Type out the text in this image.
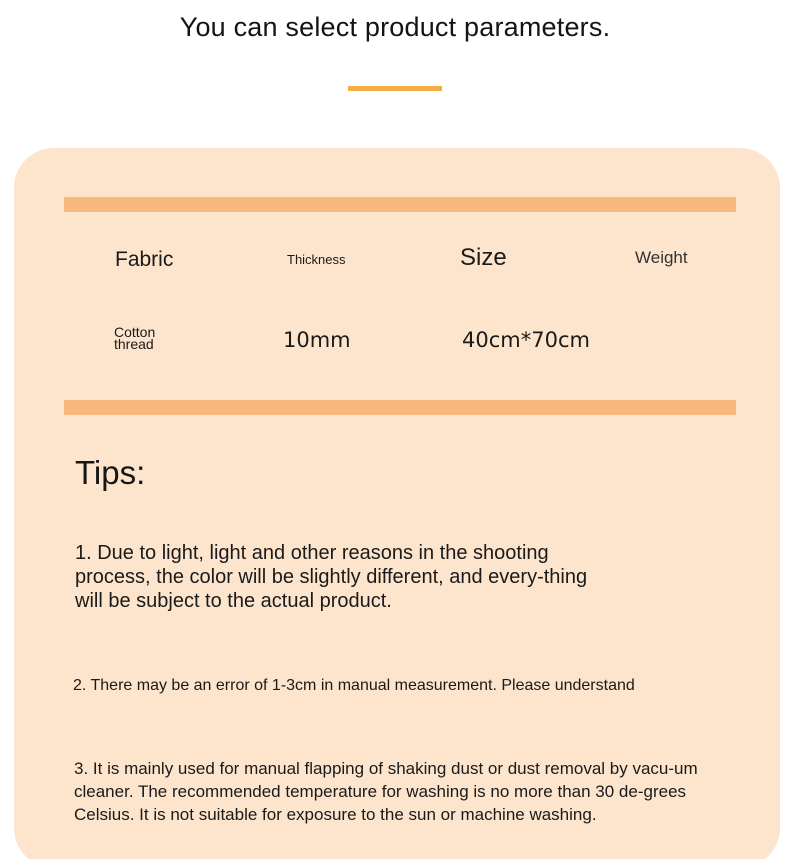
You can select product parameters.
Fabric	Thickness	Size	Weight
Cotton thread	10mm	40cm*70cm
Tips:
1. Due to light, light and other reasons in the shooting process, the color will be slightly different, and every-thing will be subject to the actual product.
2. There may be an error of 1-3cm in manual measurement. Please understand
3. It is mainly used for manual flapping of shaking dust or dust removal by vacu-um cleaner. The recommended temperature for washing is no more than 30 de-grees Celsius. It is not suitable for exposure to the sun or machine washing.
